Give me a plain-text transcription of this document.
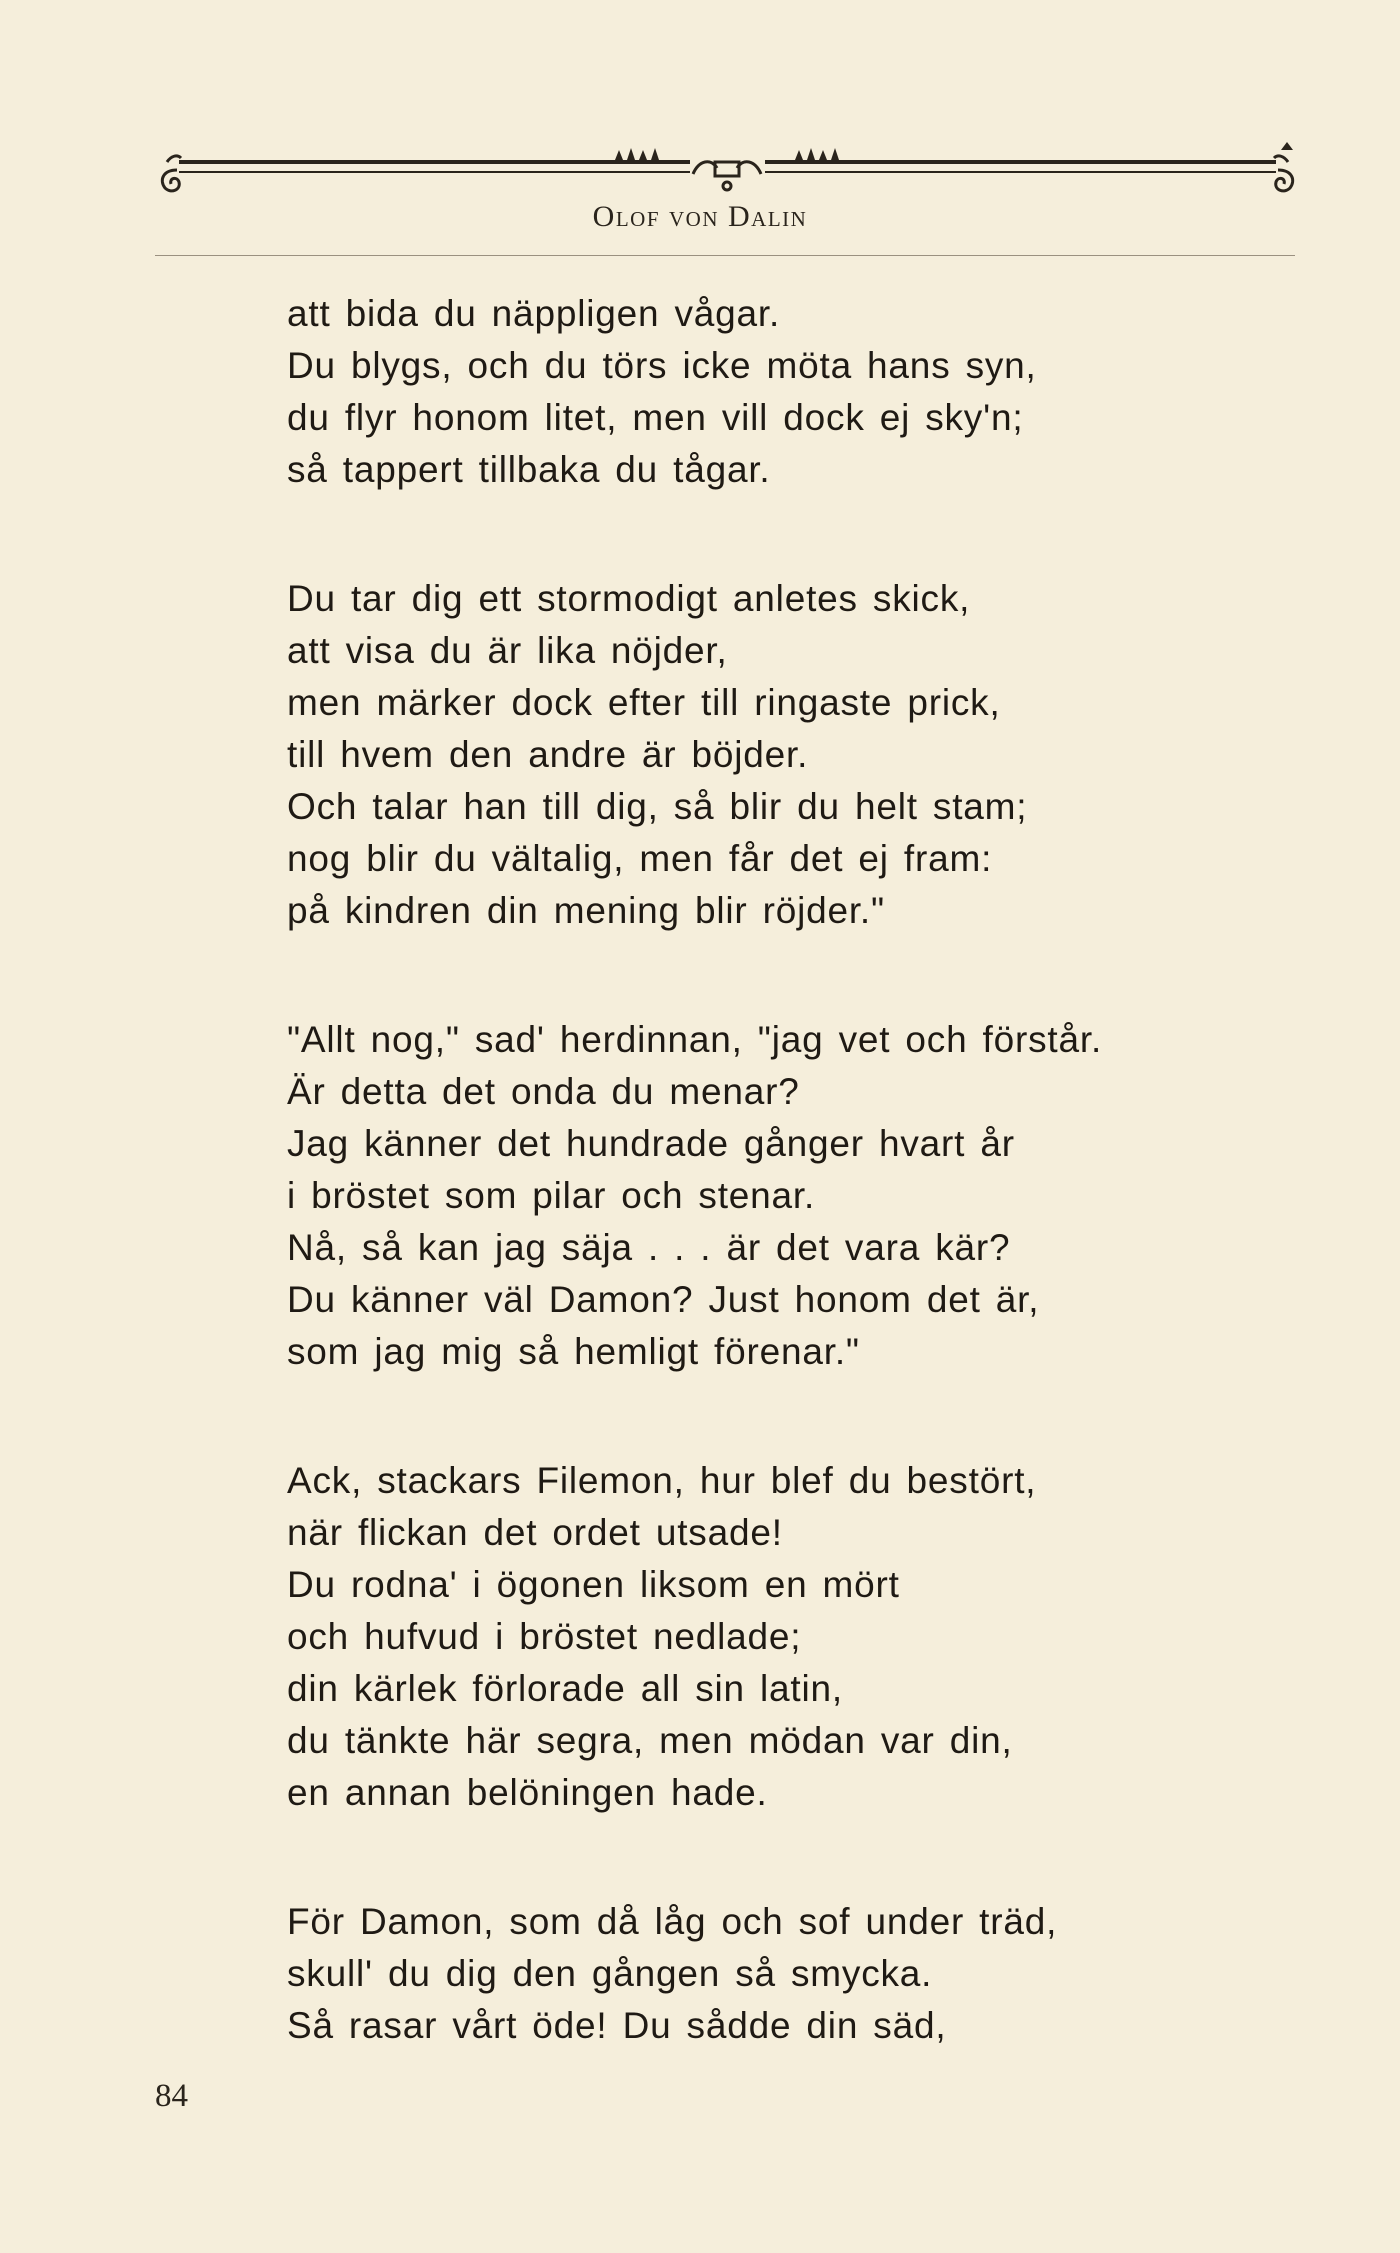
Olof von Dalin
att bida du näppligen vågar.
Du blygs, och du törs icke möta hans syn,
du flyr honom litet, men vill dock ej sky'n;
så tappert tillbaka du tågar.
Du tar dig ett stormodigt anletes skick,
att visa du är lika nöjder,
men märker dock efter till ringaste prick,
till hvem den andre är böjder.
Och talar han till dig, så blir du helt stam;
nog blir du vältalig, men får det ej fram:
på kindren din mening blir röjder."
"Allt nog," sad' herdinnan, "jag vet och förstår.
Är detta det onda du menar?
Jag känner det hundrade gånger hvart år
i bröstet som pilar och stenar.
Nå, så kan jag säja . . . är det vara kär?
Du känner väl Damon? Just honom det är,
som jag mig så hemligt förenar."
Ack, stackars Filemon, hur blef du bestört,
när flickan det ordet utsade!
Du rodna' i ögonen liksom en mört
och hufvud i bröstet nedlade;
din kärlek förlorade all sin latin,
du tänkte här segra, men mödan var din,
en annan belöningen hade.
För Damon, som då låg och sof under träd,
skull' du dig den gången så smycka.
Så rasar vårt öde! Du sådde din säd,
84
